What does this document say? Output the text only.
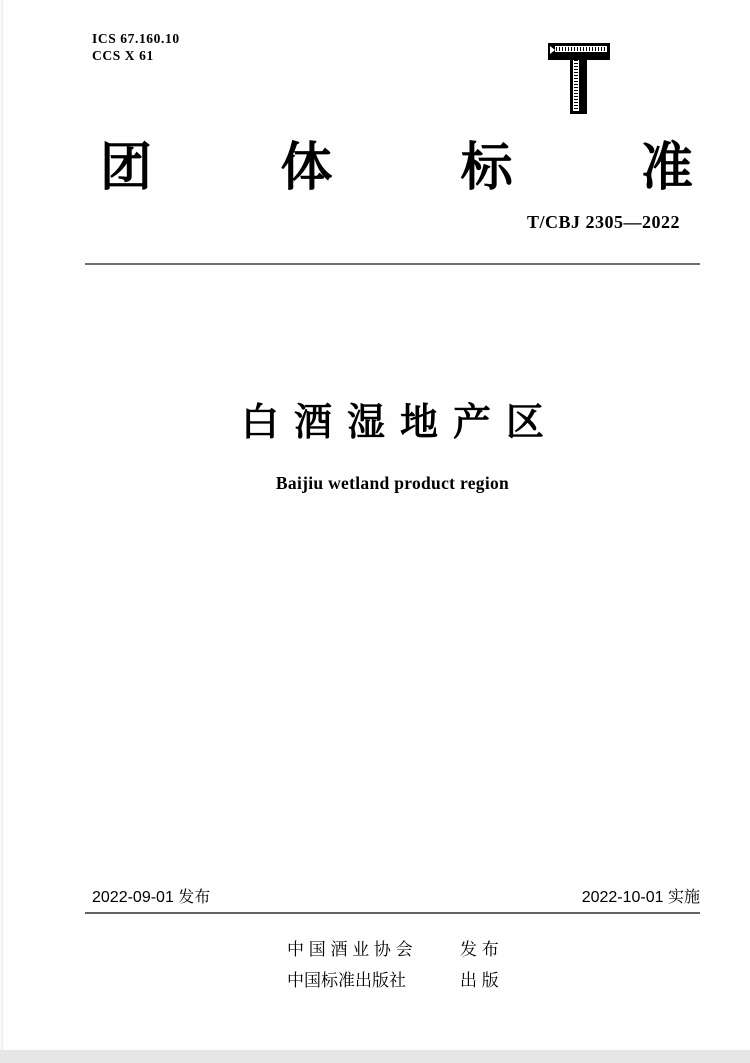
ICS 67.160.10
CCS X 61
团 体 标 准
T/CBJ 2305—2022
白酒湿地产区
Baijiu wetland product region
2022-09-01 发布	2022-10-01 实施
中 国 酒 业 协 会	发 布
中国标准出版社	出 版
